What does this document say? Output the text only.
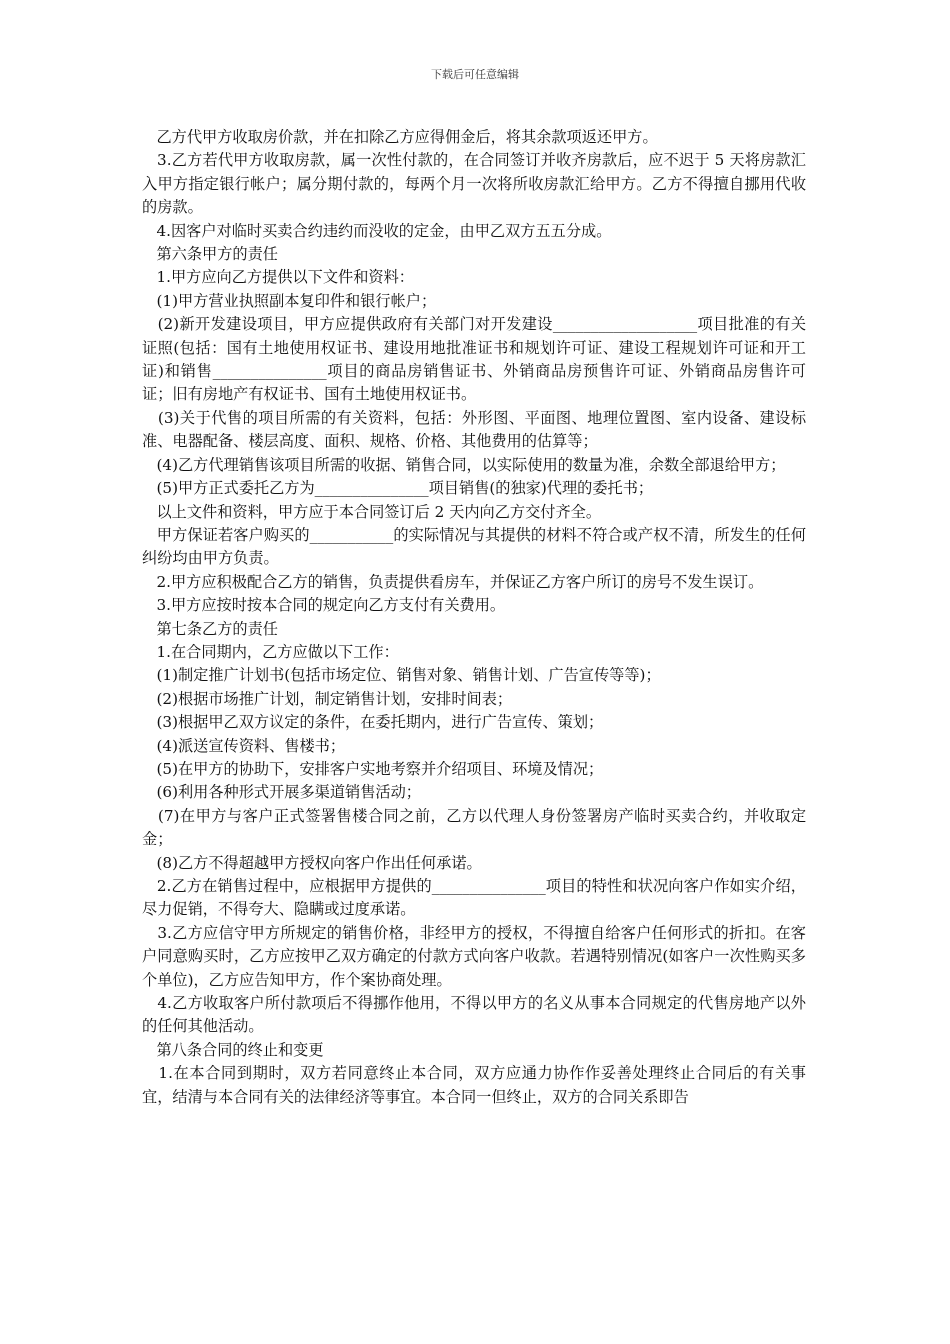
下载后可任意编辑

乙方代甲方收取房价款，并在扣除乙方应得佣金后，将其余款项返还甲方。

3.乙方若代甲方收取房款，属一次性付款的，在合同签订并收齐房款后，应不迟于 5 天将房款汇入甲方指定银行帐户；属分期付款的，每两个月一次将所收房款汇给甲方。乙方不得擅自挪用代收的房款。

4.因客户对临时买卖合约违约而没收的定金，由甲乙双方五五分成。

第六条甲方的责任

1.甲方应向乙方提供以下文件和资料：

(1)甲方营业执照副本复印件和银行帐户；

(2)新开发建设项目，甲方应提供政府有关部门对开发建设___________________项目批准的有关证照(包括：国有土地使用权证书、建设用地批准证书和规划许可证、建设工程规划许可证和开工证)和销售_______________项目的商品房销售证书、外销商品房预售许可证、外销商品房售许可证；旧有房地产有权证书、国有土地使用权证书。

(3)关于代售的项目所需的有关资料，包括：外形图、平面图、地理位置图、室内设备、建设标准、电器配备、楼层高度、面积、规格、价格、其他费用的估算等；

(4)乙方代理销售该项目所需的收据、销售合同，以实际使用的数量为准，余数全部退给甲方；

(5)甲方正式委托乙方为_______________项目销售(的独家)代理的委托书；

以上文件和资料，甲方应于本合同签订后 2 天内向乙方交付齐全。

甲方保证若客户购买的___________的实际情况与其提供的材料不符合或产权不清，所发生的任何纠纷均由甲方负责。

2.甲方应积极配合乙方的销售，负责提供看房车，并保证乙方客户所订的房号不发生误订。

3.甲方应按时按本合同的规定向乙方支付有关费用。

第七条乙方的责任

1.在合同期内，乙方应做以下工作：

(1)制定推广计划书(包括市场定位、销售对象、销售计划、广告宣传等等)；

(2)根据市场推广计划，制定销售计划，安排时间表；

(3)根据甲乙双方议定的条件，在委托期内，进行广告宣传、策划；

(4)派送宣传资料、售楼书；

(5)在甲方的协助下，安排客户实地考察并介绍项目、环境及情况；

(6)利用各种形式开展多渠道销售活动；

(7)在甲方与客户正式签署售楼合同之前，乙方以代理人身份签署房产临时买卖合约，并收取定金；

(8)乙方不得超越甲方授权向客户作出任何承诺。

2.乙方在销售过程中，应根据甲方提供的_______________项目的特性和状况向客户作如实介绍，尽力促销，不得夸大、隐瞒或过度承诺。

3.乙方应信守甲方所规定的销售价格，非经甲方的授权，不得擅自给客户任何形式的折扣。在客户同意购买时，乙方应按甲乙双方确定的付款方式向客户收款。若遇特别情况(如客户一次性购买多个单位)，乙方应告知甲方，作个案协商处理。

4.乙方收取客户所付款项后不得挪作他用，不得以甲方的名义从事本合同规定的代售房地产以外的任何其他活动。

第八条合同的终止和变更

1.在本合同到期时，双方若同意终止本合同，双方应通力协作作妥善处理终止合同后的有关事宜，结清与本合同有关的法律经济等事宜。本合同一但终止，双方的合同关系即告
